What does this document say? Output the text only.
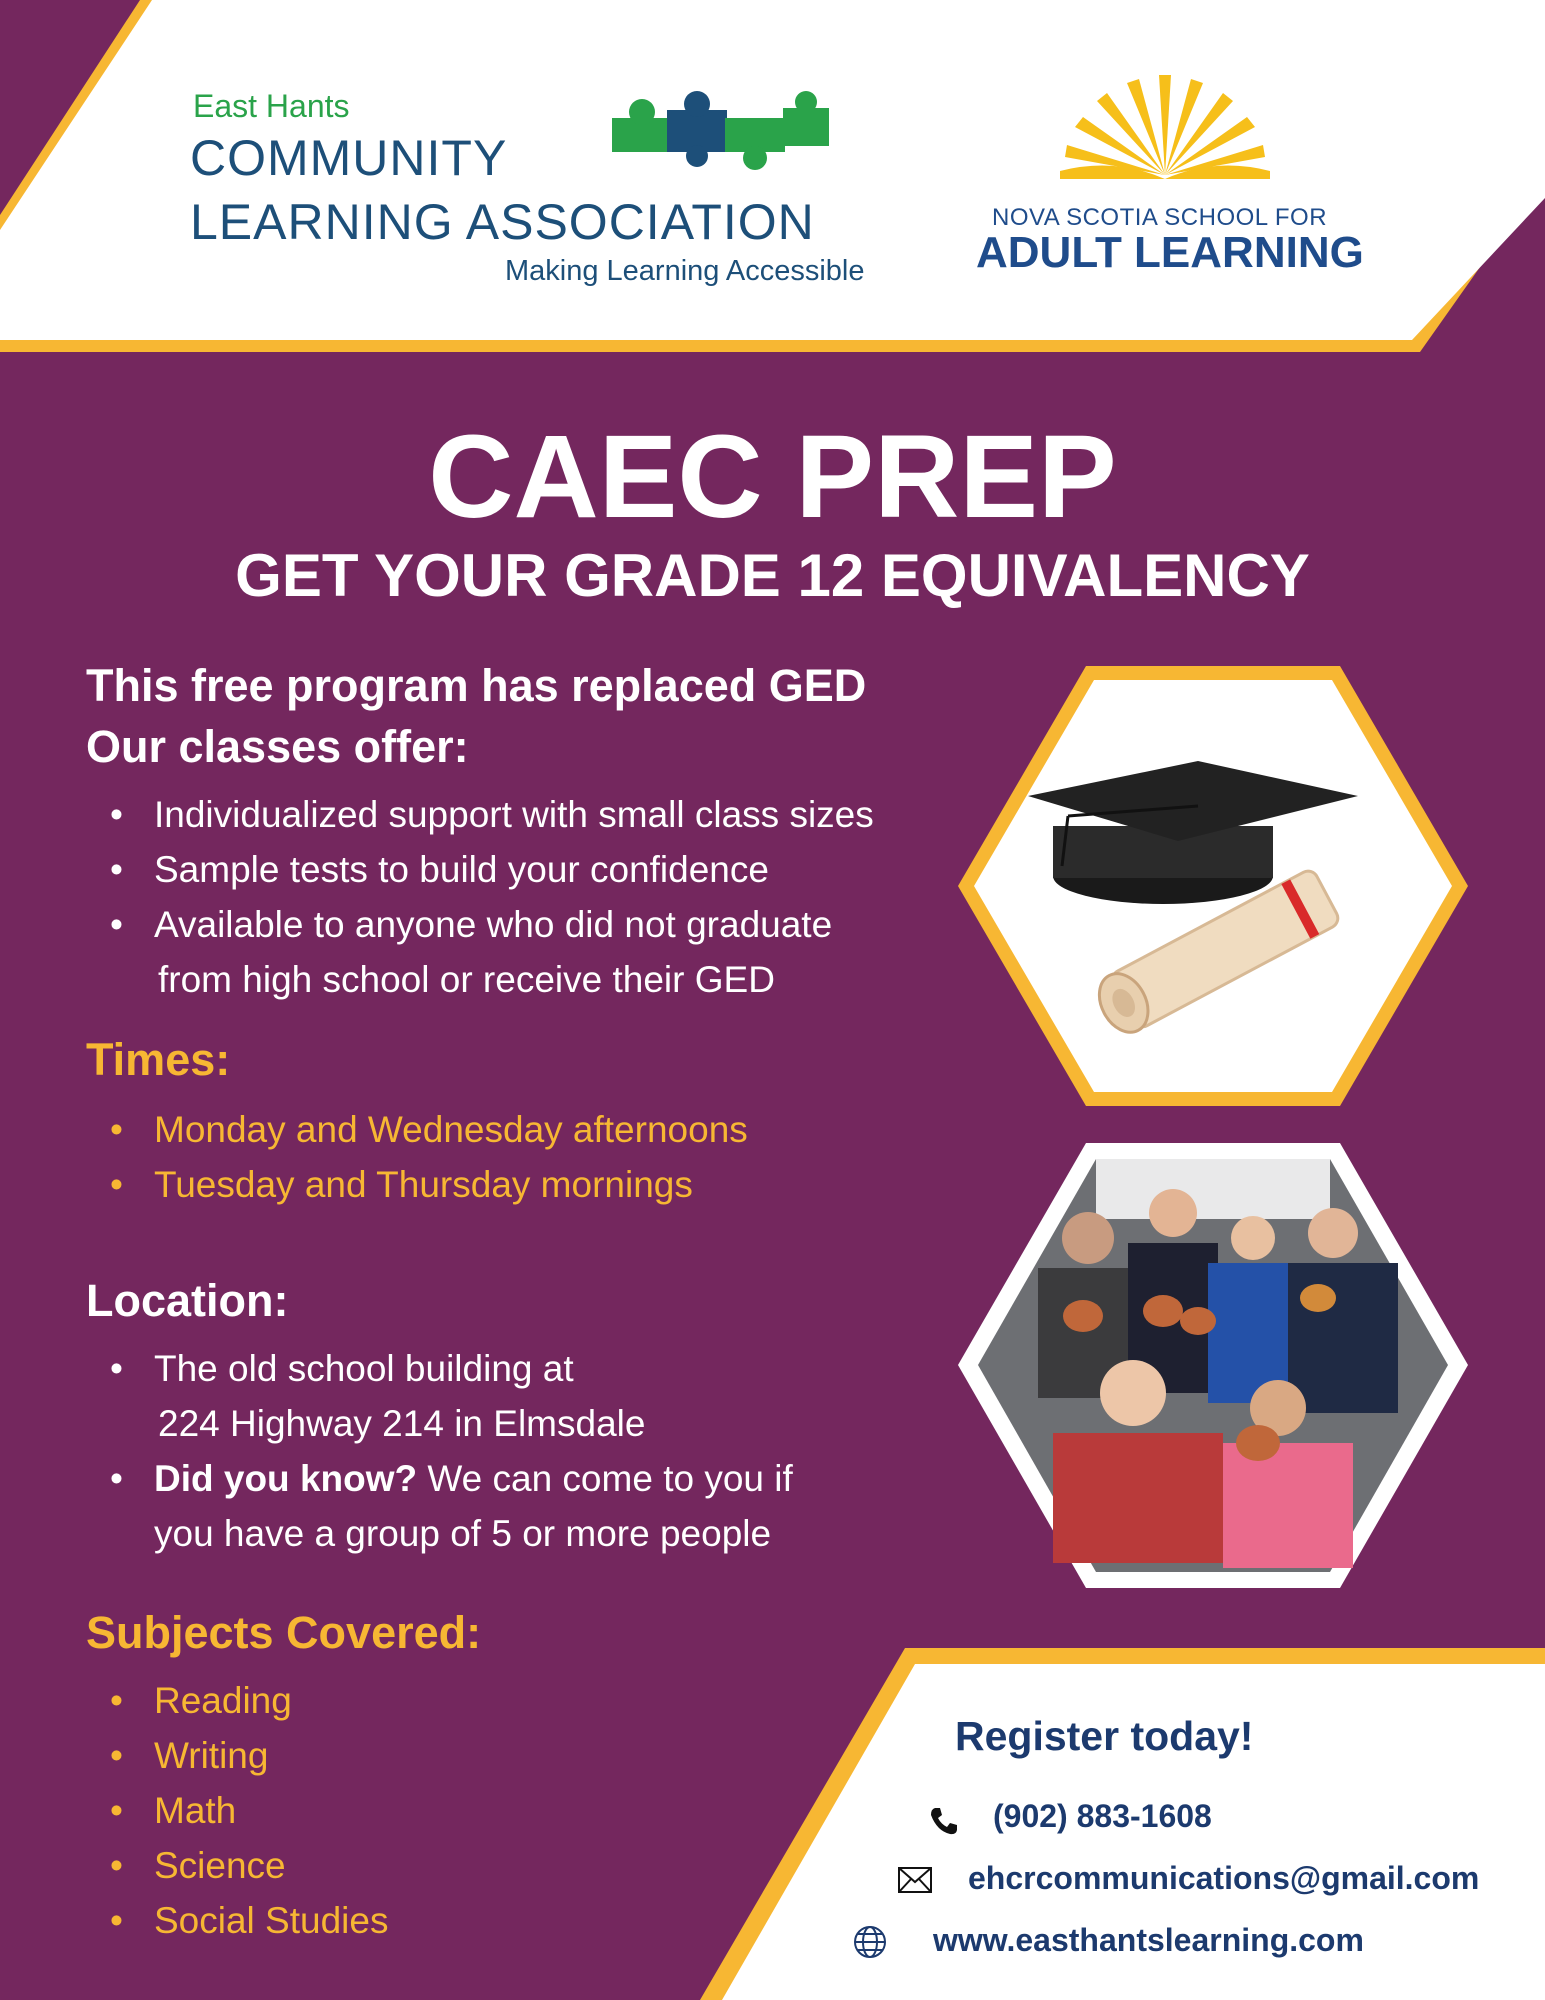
East Hants
COMMUNITY
LEARNING ASSOCIATION
Making Learning Accessible
NOVA SCOTIA SCHOOL FOR
ADULT LEARNING
CAEC PREP
GET YOUR GRADE 12 EQUIVALENCY
This free program has replaced GED
Our classes offer:
• Individualized support with small class sizes
• Sample tests to build your confidence
• Available to anyone who did not graduate
from high school or receive their GED
Times:
• Monday and Wednesday afternoons
• Tuesday and Thursday mornings
Location:
• The old school building at
224 Highway 214 in Elmsdale
• Did you know? We can come to you if
you have a group of 5 or more people
Subjects Covered:
• Reading
• Writing
• Math
• Science
• Social Studies
Register today!
(902) 883-1608
ehcrcommunications@gmail.com
www.easthantslearning.com
